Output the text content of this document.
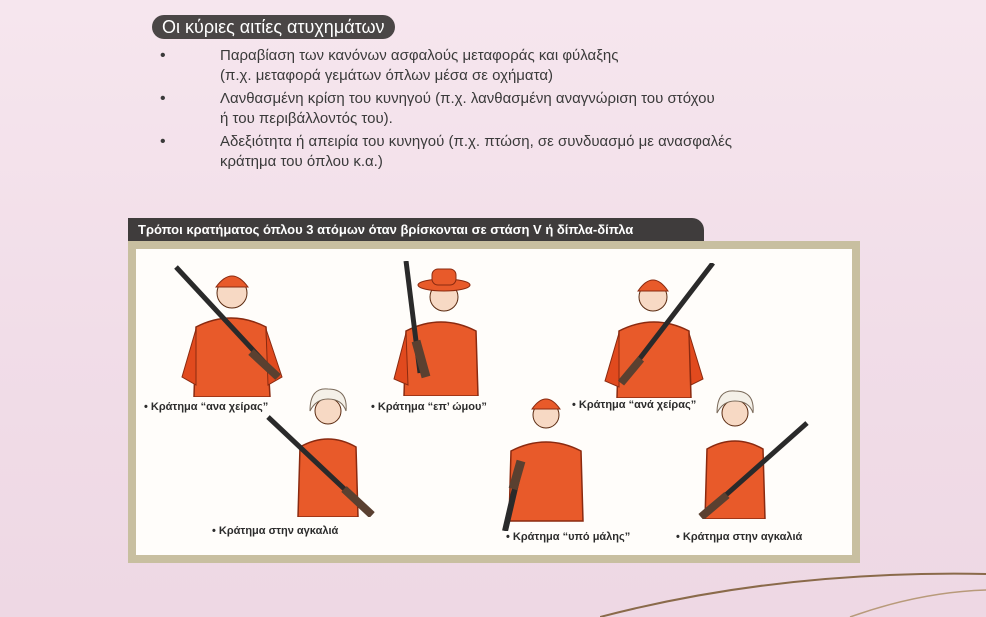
Οι κύριες αιτίες ατυχημάτων
•	Παραβίαση των κανόνων ασφαλούς μεταφοράς και φύλαξης
(π.χ. μεταφορά γεμάτων όπλων μέσα σε οχήματα)
•	Λανθασμένη κρίση του κυνηγού (π.χ. λανθασμένη αναγνώριση του στόχου
ή του περιβάλλοντός του).
•	Αδεξιότητα ή απειρία του κυνηγού (π.χ. πτώση, σε συνδυασμό με ανασφαλές
κράτημα του όπλου κ.α.)
Τρόποι κρατήματος όπλου 3 ατόμων όταν βρίσκονται σε στάση V ή δίπλα-δίπλα
• Κράτημα “ανα χείρας”	• Κράτημα “επ’ ώμου”	• Κράτημα “ανά χείρας”
• Κράτημα στην αγκαλιά	• Κράτημα “υπό μάλης”	• Κράτημα στην αγκαλιά
